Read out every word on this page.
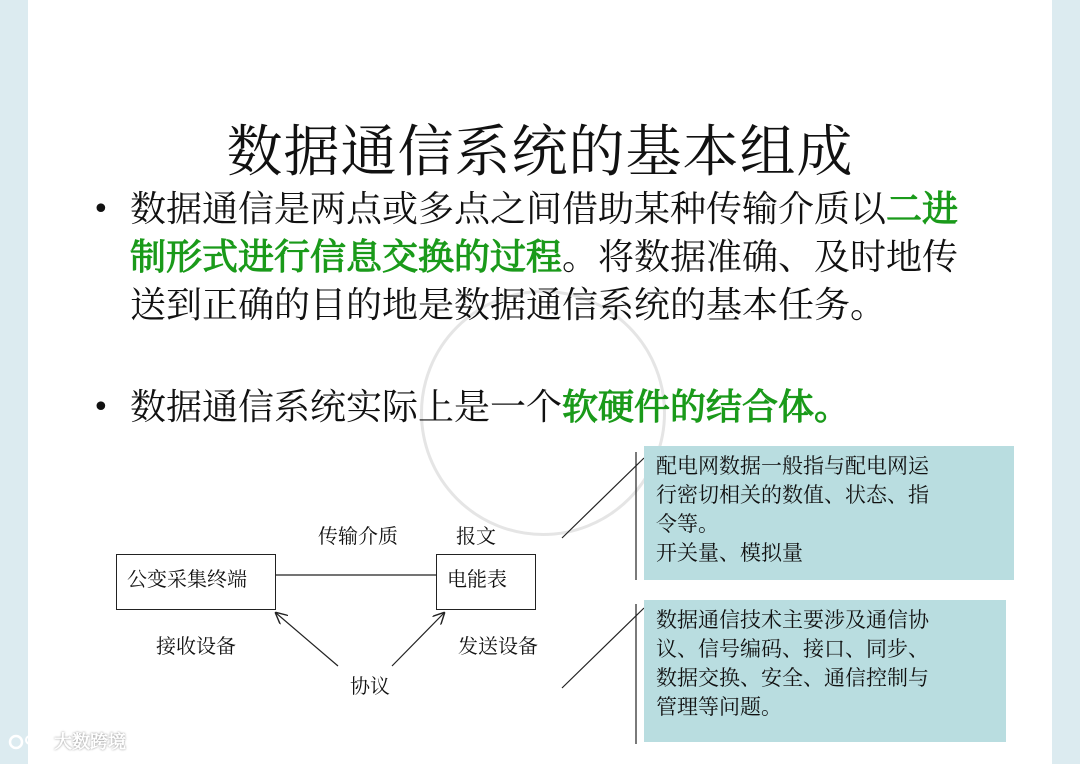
数据通信系统的基本组成
• 数据通信是两点或多点之间借助某种传输介质以二进制形式进行信息交换的过程。将数据准确、及时地传送到正确的目的地是数据通信系统的基本任务。
• 数据通信系统实际上是一个软硬件的结合体。
传输介质	报文
公变采集终端	电能表
接收设备	发送设备
协议

配电网数据一般指与配电网运

行密切相关的数值、状态、指

令等。

开关量、模拟量

数据通信技术主要涉及通信协

议、信号编码、接口、同步、

数据交换、安全、通信控制与

管理等问题。

大数跨境
